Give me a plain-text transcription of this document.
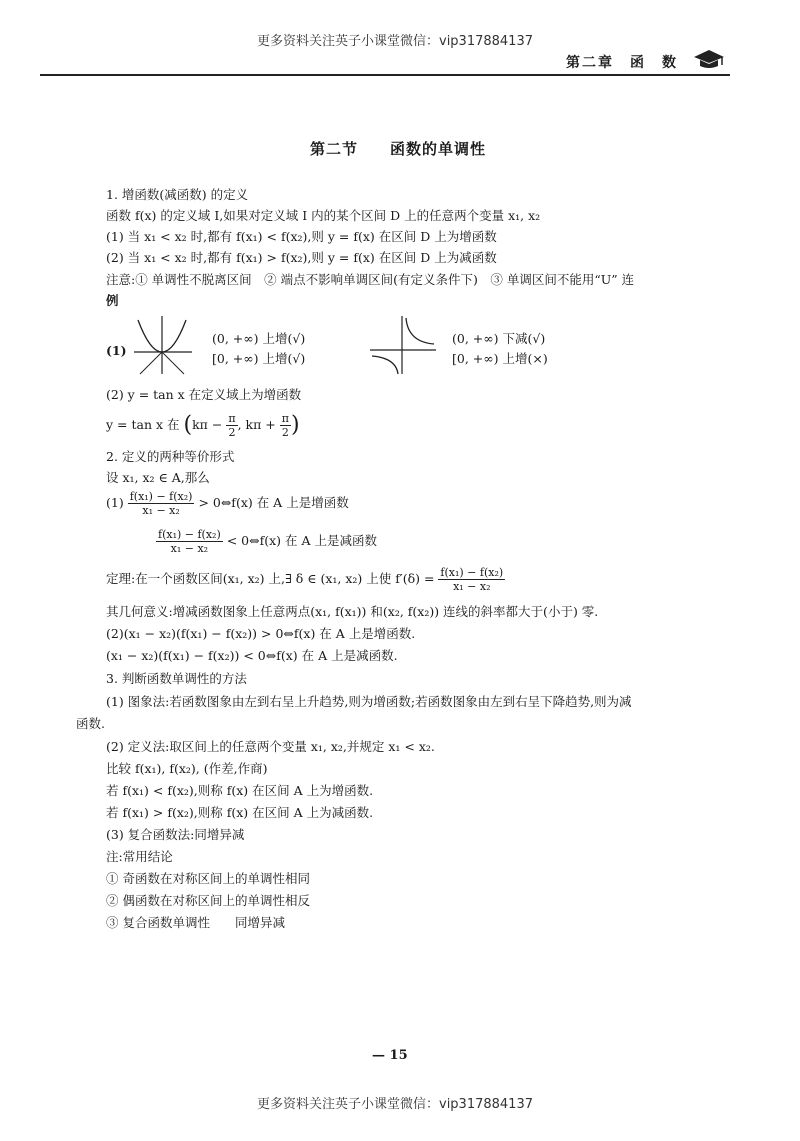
更多资料关注英子小课堂微信：vip317884137
第二章　函　数
第二节　　函数的单调性
1. 增函数(减函数) 的定义
函数 f(x) 的定义域 I,如果对定义域 I 内的某个区间 D 上的任意两个变量 x₁, x₂
(1) 当 x₁ < x₂ 时,都有 f(x₁) < f(x₂),则 y = f(x) 在区间 D 上为增函数
(2) 当 x₁ < x₂ 时,都有 f(x₁) > f(x₂),则 y = f(x) 在区间 D 上为减函数
注意:① 单调性不脱离区间　② 端点不影响单调区间(有定义条件下)　③ 单调区间不能用“U” 连
例
(1)
(0, +∞) 上增(√)
[0, +∞) 上增(√)
(0, +∞) 下减(√)
[0, +∞) 上增(×)
(2) y = tan x 在定义域上为增函数
y = tan x 在 ($k\pi - \frac{\pi}{2}$ , $k\pi + \frac{\pi}{2}$ )
2. 定义的两种等价形式
设 x₁, x₂ ∈ A,那么
$(1) \frac{\text{f(x₁) − f(x₂)}}{\text{x₁ − x₂}}$ > 0⇔f(x) 在 A 上是增函数
$\frac{\text{f(x₁) − f(x₂)}}{\text{x₁ − x₂}}$ < 0⇔f(x) 在 A 上是减函数
定理:在一个函数区间(x₁, x₂) 上,∃ δ ∈ (x₁, x₂) 上使 $f'(\delta) = \frac{\text{f(x₁) − f(x₂)}}{\text{x₁ − x₂}}$
其几何意义:增减函数图象上任意两点(x₁, f(x₁)) 和(x₂, f(x₂)) 连线的斜率都大于(小于) 零.
(2)(x₁ − x₂)(f(x₁) − f(x₂)) > 0⇔f(x) 在 A 上是增函数.
(x₁ − x₂)(f(x₁) − f(x₂)) < 0⇔f(x) 在 A 上是减函数.
3. 判断函数单调性的方法
(1) 图象法:若函数图象由左到右呈上升趋势,则为增函数;若函数图象由左到右呈下降趋势,则为减
函数.
(2) 定义法:取区间上的任意两个变量 x₁, x₂,并规定 x₁ < x₂.
比较 f(x₁), f(x₂), (作差,作商)
若 f(x₁) < f(x₂),则称 f(x) 在区间 A 上为增函数.
若 f(x₁) > f(x₂),则称 f(x) 在区间 A 上为减函数.
(3) 复合函数法:同增异减
注:常用结论
① 奇函数在对称区间上的单调性相同
② 偶函数在对称区间上的单调性相反
③ 复合函数单调性　　同增异减
— 15
更多资料关注英子小课堂微信：vip317884137
